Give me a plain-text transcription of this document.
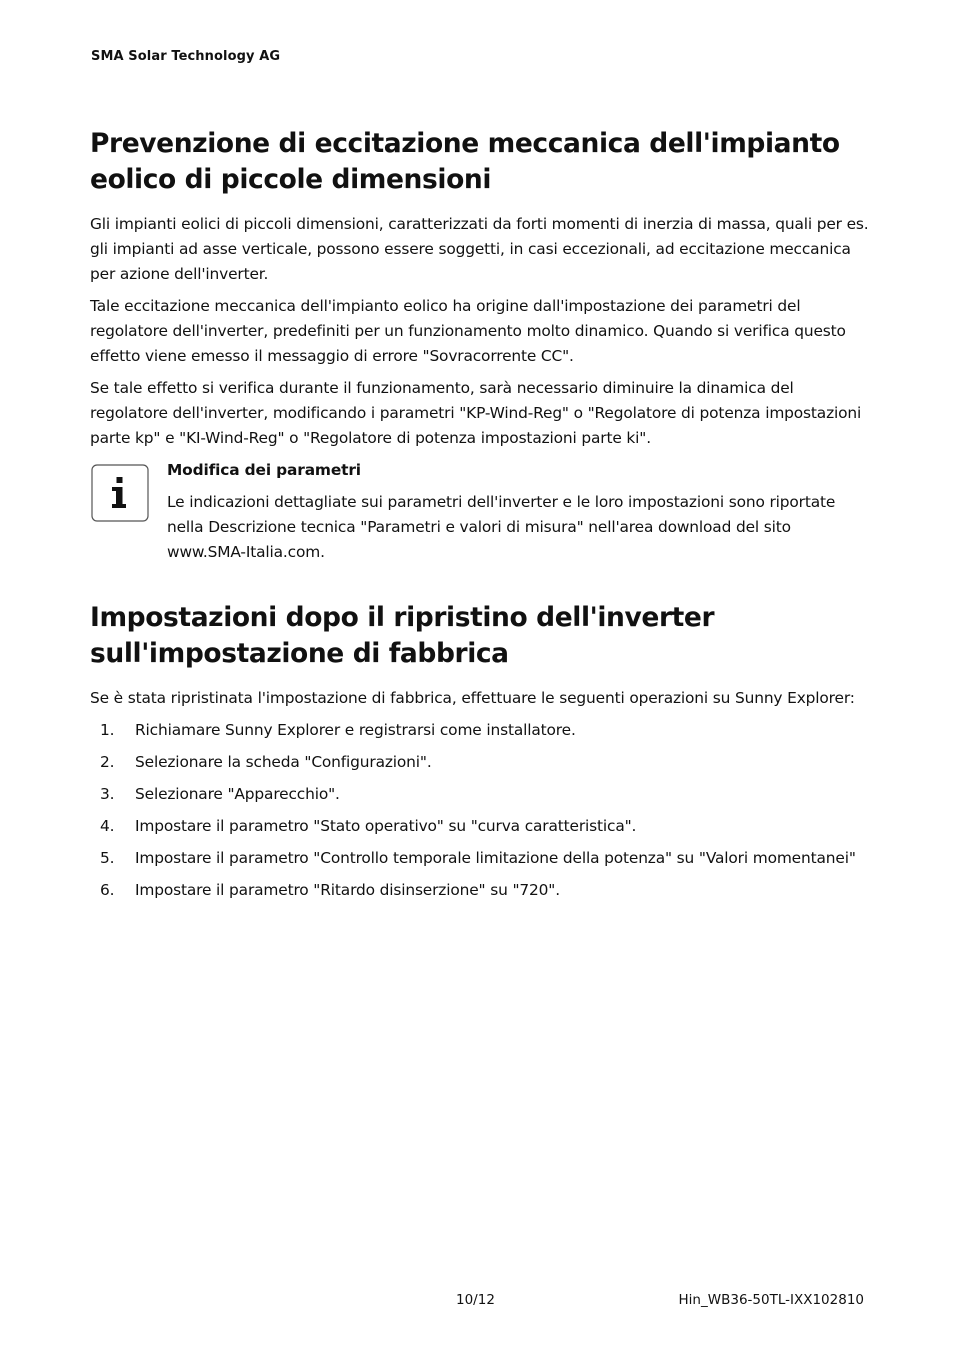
SMA Solar Technology AG
Prevenzione di eccitazione meccanica dell'impianto eolico di piccole dimensioni

Gli impianti eolici di piccoli dimensioni, caratterizzati da forti momenti di inerzia di massa, quali per es. gli impianti ad asse verticale, possono essere soggetti, in casi eccezionali, ad eccitazione meccanica per azione dell'inverter.

Tale eccitazione meccanica dell'impianto eolico ha origine dall'impostazione dei parametri del regolatore dell'inverter, predefiniti per un funzionamento molto dinamico. Quando si verifica questo effetto viene emesso il messaggio di errore "Sovracorrente CC".

Se tale effetto si verifica durante il funzionamento, sarà necessario diminuire la dinamica del regolatore dell'inverter, modificando i parametri "KP-Wind-Reg" o "Regolatore di potenza impostazioni parte kp" e "KI-Wind-Reg" o "Regolatore di potenza impostazioni parte ki".

Modifica dei parametri
Le indicazioni dettagliate sui parametri dell'inverter e le loro impostazioni sono riportate nella Descrizione tecnica "Parametri e valori di misura" nell'area download del sito www.SMA-Italia.com.
Impostazioni dopo il ripristino dell'inverter sull'impostazione di fabbrica

Se è stata ripristinata l'impostazione di fabbrica, effettuare le seguenti operazioni su Sunny Explorer:

1. Richiamare Sunny Explorer e registrarsi come installatore.
2. Selezionare la scheda "Configurazioni".
3. Selezionare "Apparecchio".
4. Impostare il parametro "Stato operativo" su "curva caratteristica".
5. Impostare il parametro "Controllo temporale limitazione della potenza" su "Valori momentanei"
6. Impostare il parametro "Ritardo disinserzione" su "720".
10/12	Hin_WB36-50TL-IXX102810
